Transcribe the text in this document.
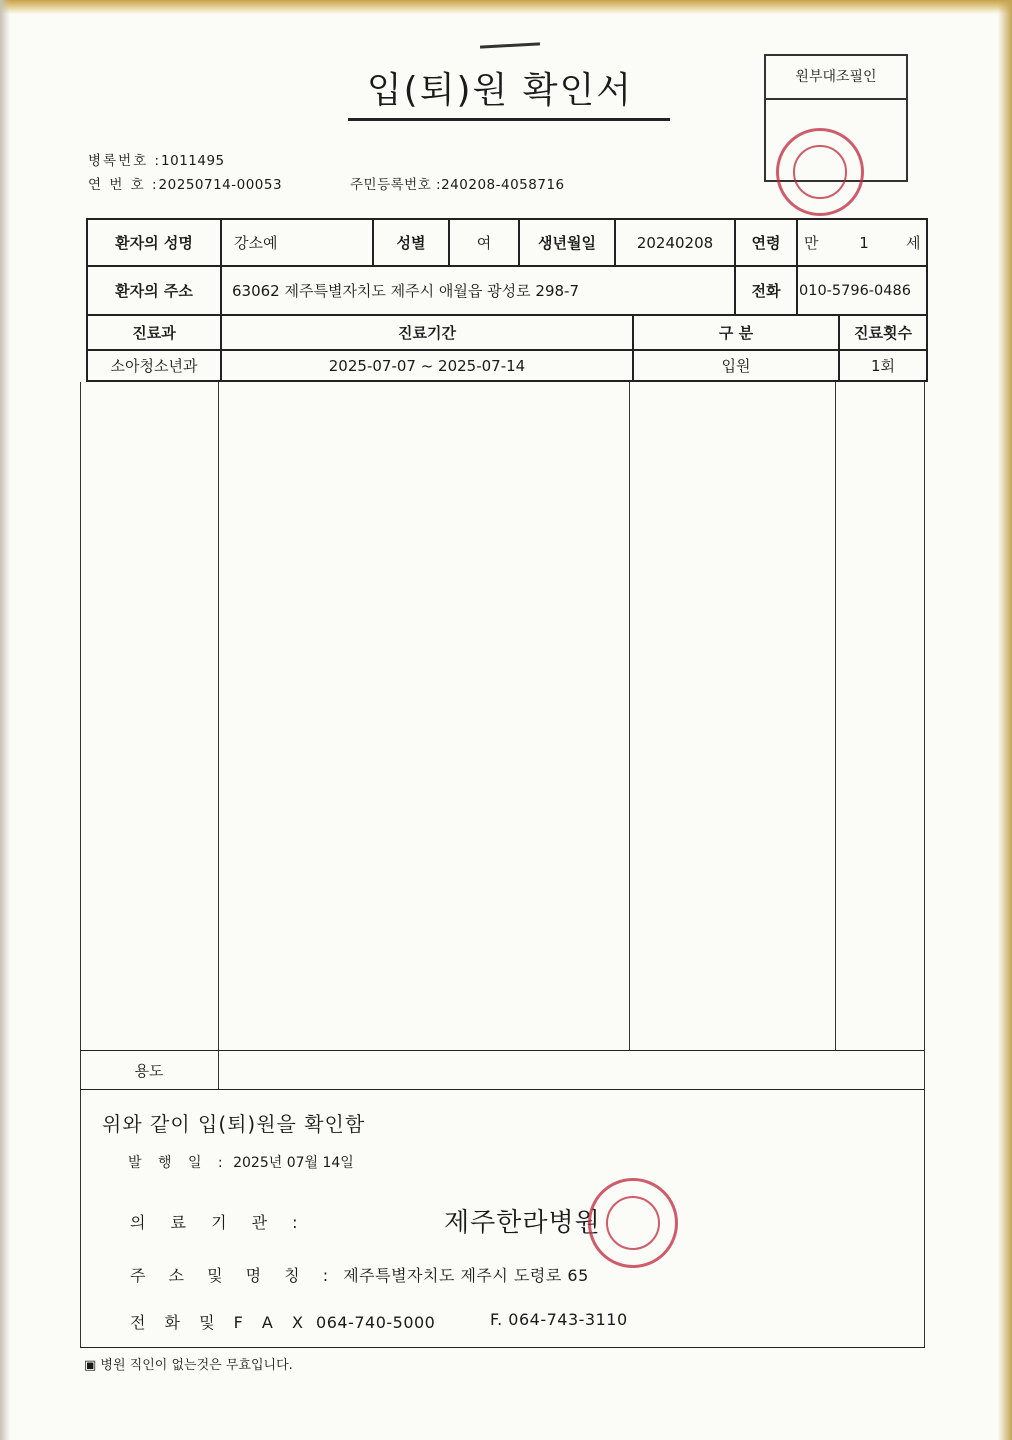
입(퇴)원 확인서	원부대조필인
병록번호 :1011495
연 번 호 :20250714-00053	주민등록번호 :240208-4058716
환자의 성명	강소예	성별	여	생년월일	20240208	연령	만	1	세
환자의 주소	63062 제주특별자치도 제주시 애월읍 광성로 298-7	전화	010-5796-0486
진료과	진료기간	구 분	진료횟수
소아청소년과	2025-07-07 ~ 2025-07-14	입원	1회
용도
위와 같이 입(퇴)원을 확인함
발 행 일 : 2025년 07월 14일
의 료 기 관 :	제주한라병원
주 소 및 명 칭 : 제주특별자치도 제주시 도령로 65
전 화 및 F A X 064-740-5000	F. 064-743-3110
▣ 병원 직인이 없는것은 무효입니다.
